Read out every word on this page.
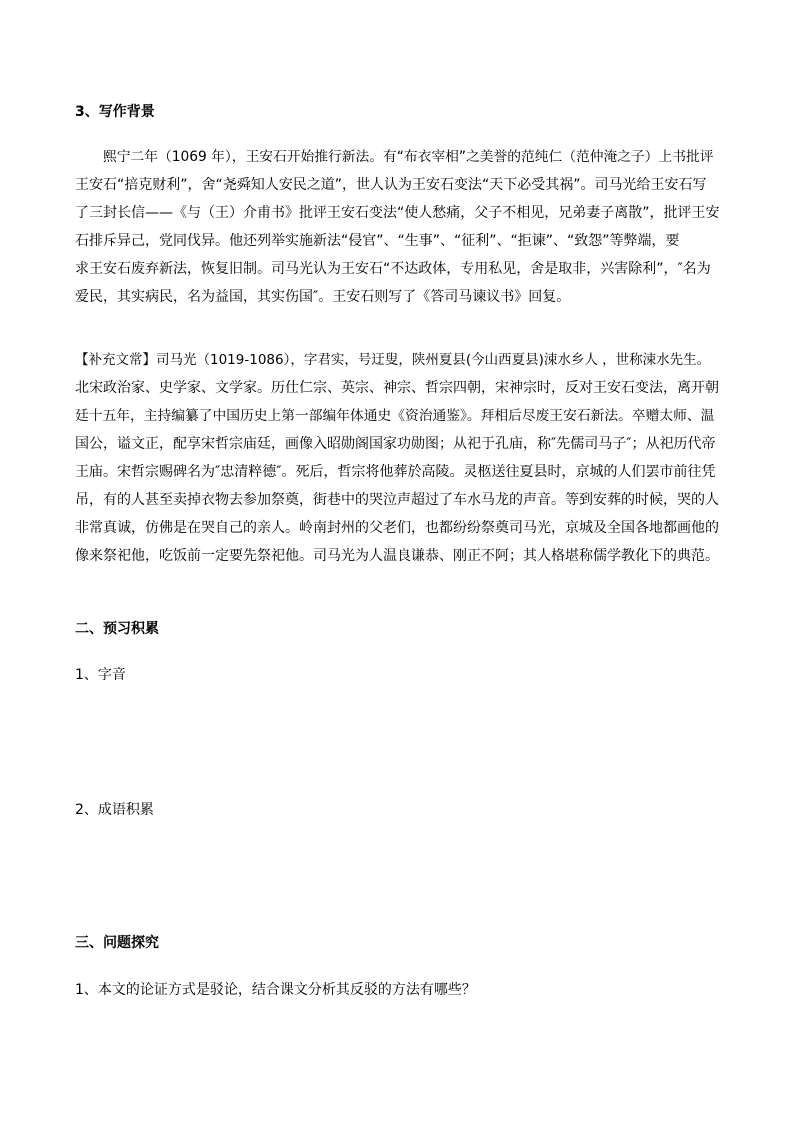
3、写作背景
熙宁二年（1069 年），王安石开始推行新法。有“布衣宰相”之美誉的范纯仁（范仲淹之子）上书批评
王安石“掊克财利”，舍“尧舜知人安民之道”，世人认为王安石变法“天下必受其祸”。司马光给王安石写
了三封长信——《与（王）介甫书》批评王安石变法“使人愁痛，父子不相见，兄弟妻子离散”，批评王安
石排斥异己，党同伐异。他还列举实施新法“侵官”、“生事”、“征利”、“拒谏”、“致怨”等弊端，要
求王安石废弃新法，恢复旧制。司马光认为王安石“不达政体，专用私见，舍是取非，兴害除利”，″名为
爱民，其实病民，名为益国，其实伤国″。王安石则写了《答司马谏议书》回复。
【补充文常】司马光（1019-1086），字君实，号迂叟，陕州夏县(今山西夏县)涑水乡人 ，世称涑水先生。
北宋政治家、史学家、文学家。历仕仁宗、英宗、神宗、哲宗四朝，宋神宗时，反对王安石变法，离开朝
廷十五年，主持编纂了中国历史上第一部编年体通史《资治通鉴》。拜相后尽废王安石新法。卒赠太师、温
国公，谥文正，配享宋哲宗庙廷，画像入昭勋阁国家功勋图；从祀于孔庙，称″先儒司马子″；从祀历代帝
王庙。宋哲宗赐碑名为″忠清粹德″。死后，哲宗将他葬於高陵。灵柩送往夏县时，京城的人们罢市前往凭
吊，有的人甚至卖掉衣物去参加祭奠，街巷中的哭泣声超过了车水马龙的声音。等到安葬的时候，哭的人
非常真诚，仿佛是在哭自己的亲人。岭南封州的父老们，也都纷纷祭奠司马光，京城及全国各地都画他的
像来祭祀他，吃饭前一定要先祭祀他。司马光为人温良谦恭、刚正不阿；其人格堪称儒学教化下的典范。
二、预习积累
1、字音
2、成语积累
三、问题探究
1、本文的论证方式是驳论，结合课文分析其反驳的方法有哪些？
